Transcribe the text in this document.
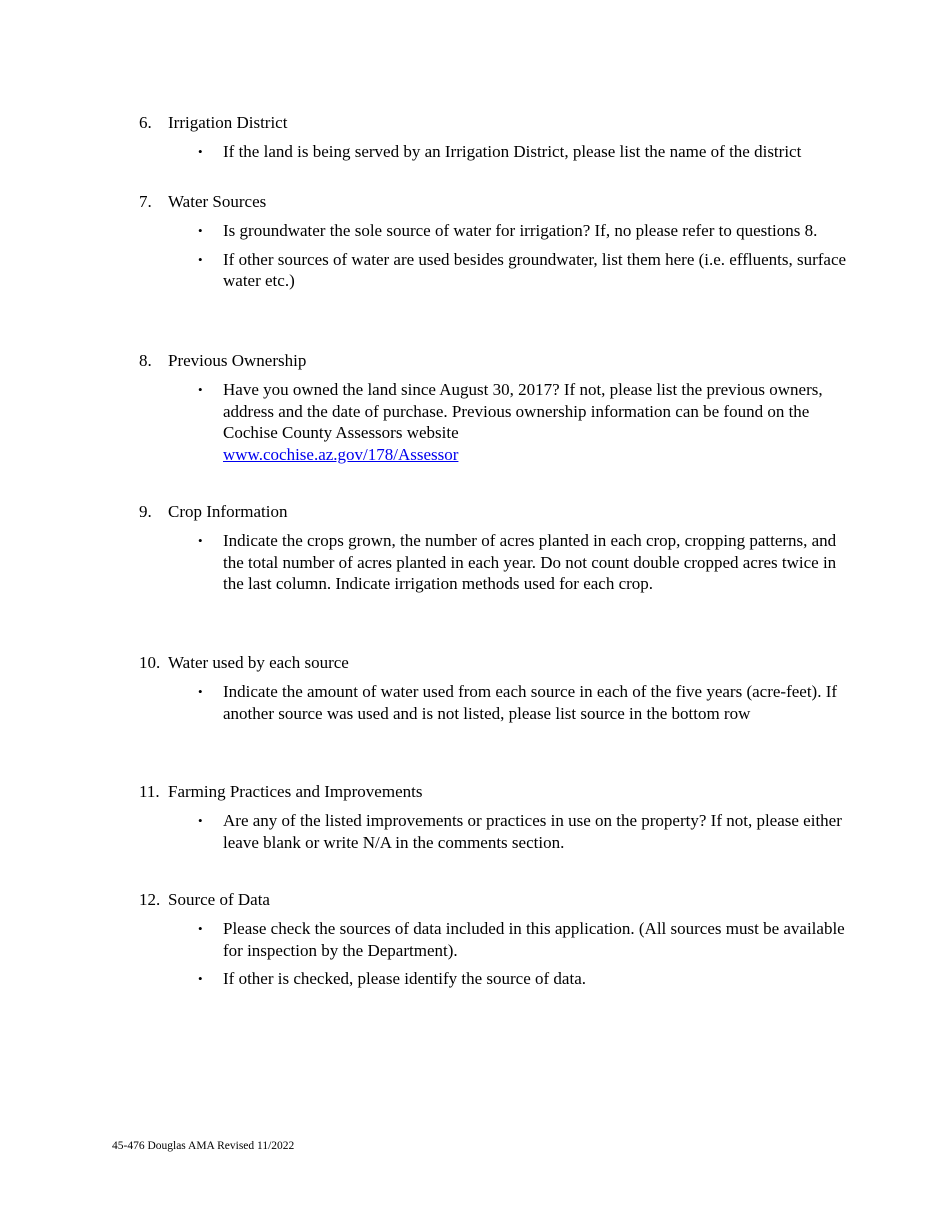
6. Irrigation District
• If the land is being served by an Irrigation District, please list the name of the district
7. Water Sources
• Is groundwater the sole source of water for irrigation? If, no please refer to questions 8.
• If other sources of water are used besides groundwater, list them here (i.e. effluents, surface water etc.)
8. Previous Ownership
• Have you owned the land since August 30, 2017? If not, please list the previous owners, address and the date of purchase. Previous ownership information can be found on the Cochise County Assessors website
www.cochise.az.gov/178/Assessor
9. Crop Information
• Indicate the crops grown, the number of acres planted in each crop, cropping patterns, and the total number of acres planted in each year. Do not count double cropped acres twice in the last column. Indicate irrigation methods used for each crop.
10. Water used by each source
• Indicate the amount of water used from each source in each of the five years (acre-feet). If another source was used and is not listed, please list source in the bottom row
11. Farming Practices and Improvements
• Are any of the listed improvements or practices in use on the property? If not, please either leave blank or write N/A in the comments section.
12. Source of Data
• Please check the sources of data included in this application. (All sources must be available for inspection by the Department).
• If other is checked, please identify the source of data.
45-476 Douglas AMA Revised 11/2022
